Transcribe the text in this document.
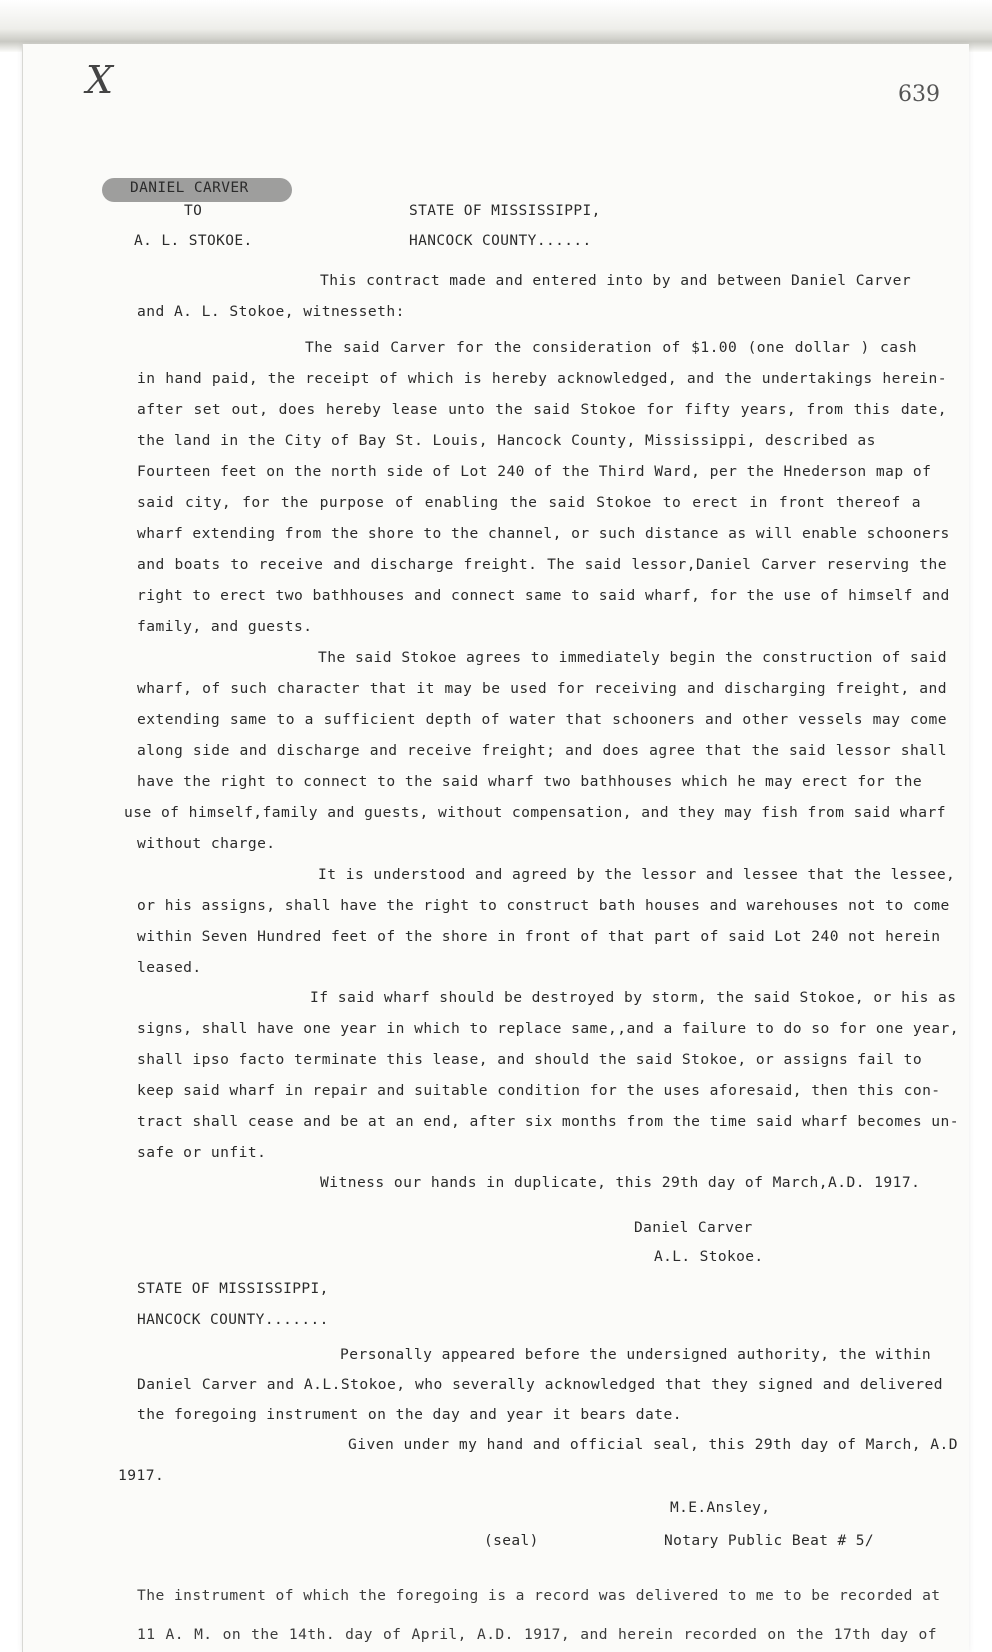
X	639
DANIEL CARVER
TO
A. L. STOKOE.
STATE OF MISSISSIPPI,
HANCOCK COUNTY......
This contract made and entered into by and between Daniel Carver
and A. L. Stokoe, witnesseth:
The said Carver for the consideration of $1.00 (one dollar ) cash
in hand paid, the receipt of which is hereby acknowledged, and the undertakings herein-
after set out, does hereby lease unto the said Stokoe for fifty years, from this date,
the land in the City of Bay St. Louis, Hancock County, Mississippi, described as
Fourteen feet on the north side of Lot 240 of the Third Ward, per the Hnederson map of
said city, for the purpose of enabling the said Stokoe to erect in front thereof a
wharf extending from the shore to the channel, or such distance as will enable schooners
and boats to receive and discharge freight. The said lessor,Daniel Carver reserving the
right to erect two bathhouses and connect same to said wharf, for the use of himself and
family, and guests.
The said Stokoe agrees to immediately begin the construction of said
wharf, of such character that it may be used for receiving and discharging freight, and
extending same to a sufficient depth of water that schooners and other vessels may come
along side and discharge and receive freight; and does agree that the said lessor shall
have the right to connect to the said wharf two bathhouses which he may erect for the
use of himself,family and guests, without compensation, and they may fish from said wharf
without charge.
It is understood and agreed by the lessor and lessee that the lessee,
or his assigns, shall have the right to construct bath houses and warehouses not to come
within Seven Hundred feet of the shore in front of that part of said Lot 240 not herein
leased.
If said wharf should be destroyed by storm, the said Stokoe, or his as
signs, shall have one year in which to replace same,,and a failure to do so for one year,
shall ipso facto terminate this lease, and should the said Stokoe, or assigns fail to
keep said wharf in repair and suitable condition for the uses aforesaid, then this con-
tract shall cease and be at an end, after six months from the time said wharf becomes un-
safe or unfit.
Witness our hands in duplicate, this 29th day of March,A.D. 1917.
Daniel Carver
A.L. Stokoe.
STATE OF MISSISSIPPI,
HANCOCK COUNTY.......
Personally appeared before the undersigned authority, the within
Daniel Carver and A.L.Stokoe, who severally acknowledged that they signed and delivered
the foregoing instrument on the day and year it bears date.
Given under my hand and official seal, this 29th day of March, A.D
1917.
M.E.Ansley,
(seal)	Notary Public Beat # 5/
The instrument of which the foregoing is a record was delivered to me to be recorded at
11 A. M. on the 14th. day of April, A.D. 1917, and herein recorded on the 17th day of
